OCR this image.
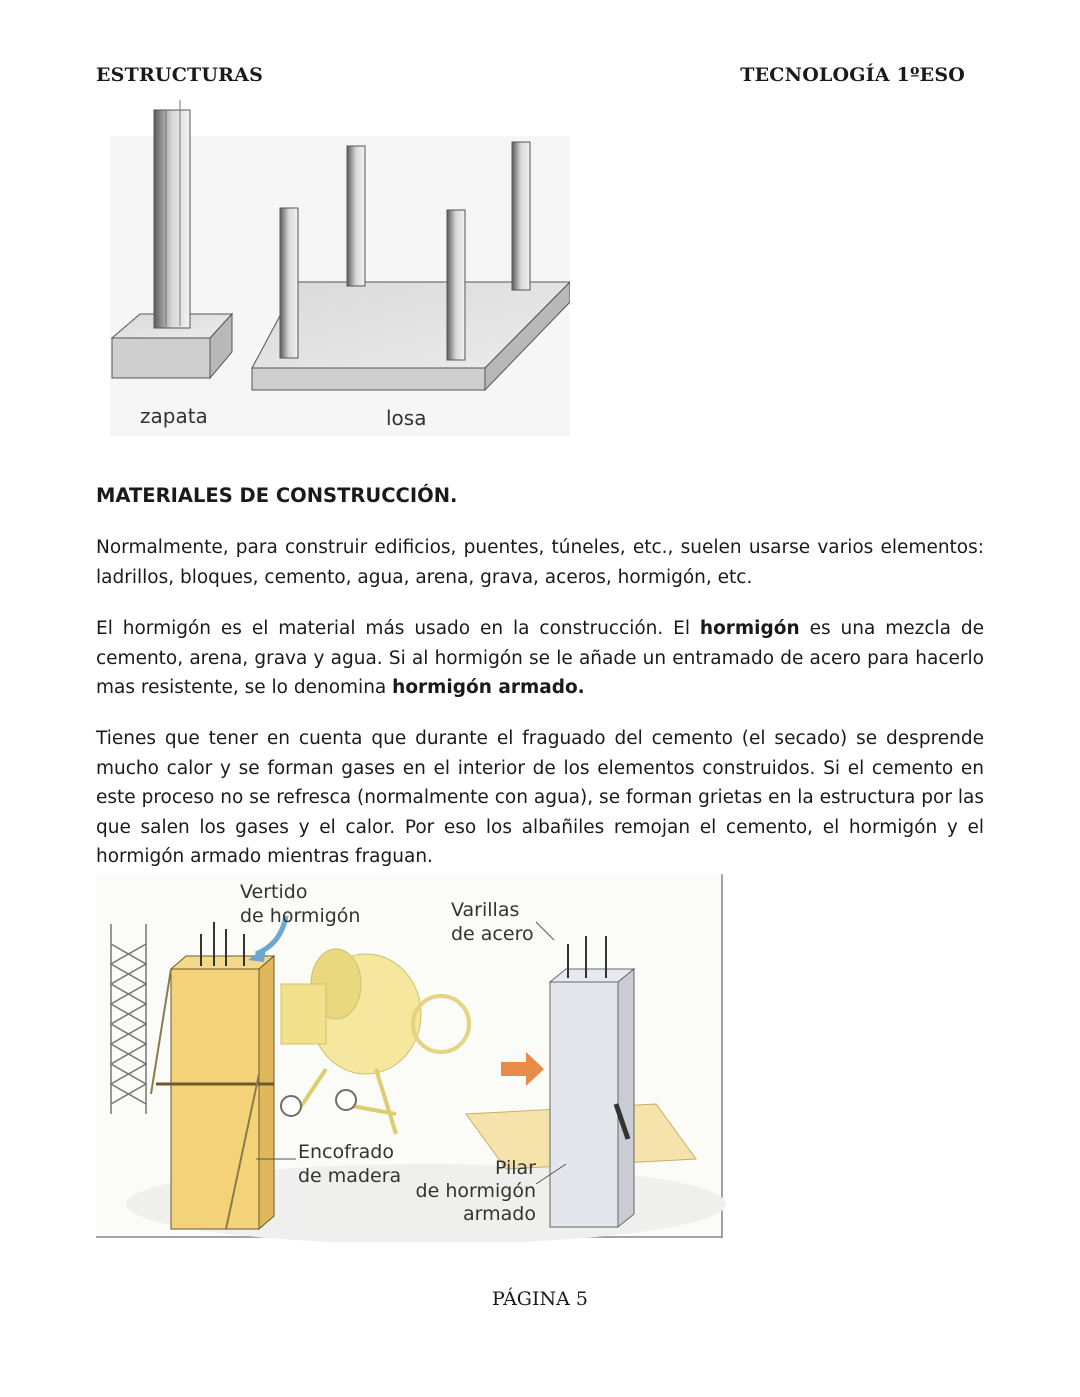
ESTRUCTURAS	TECNOLOGÍA 1ºESO
zapata	losa
MATERIALES DE CONSTRUCCIÓN.

Normalmente, para construir edificios, puentes, túneles, etc., suelen usarse varios elementos: ladrillos, bloques, cemento, agua, arena, grava, aceros, hormigón, etc.

El hormigón es el material más usado en la construcción. El hormigón es una mezcla de cemento, arena, grava y agua. Si al hormigón se le añade un entramado de acero para hacerlo mas resistente, se lo denomina hormigón armado.

Tienes que tener en cuenta que durante el fraguado del cemento (el secado) se desprende mucho calor y se forman gases en el interior de los elementos construidos. Si el cemento en este proceso no se refresca (normalmente con agua), se forman grietas en la estructura por las que salen los gases y el calor. Por eso los albañiles remojan el cemento, el hormigón y el hormigón armado mientras fraguan.

Vertido
de hormigón	Varillas
de acero
Encofrado
de madera	Pilar
de hormigón
armado
PÁGINA 5
